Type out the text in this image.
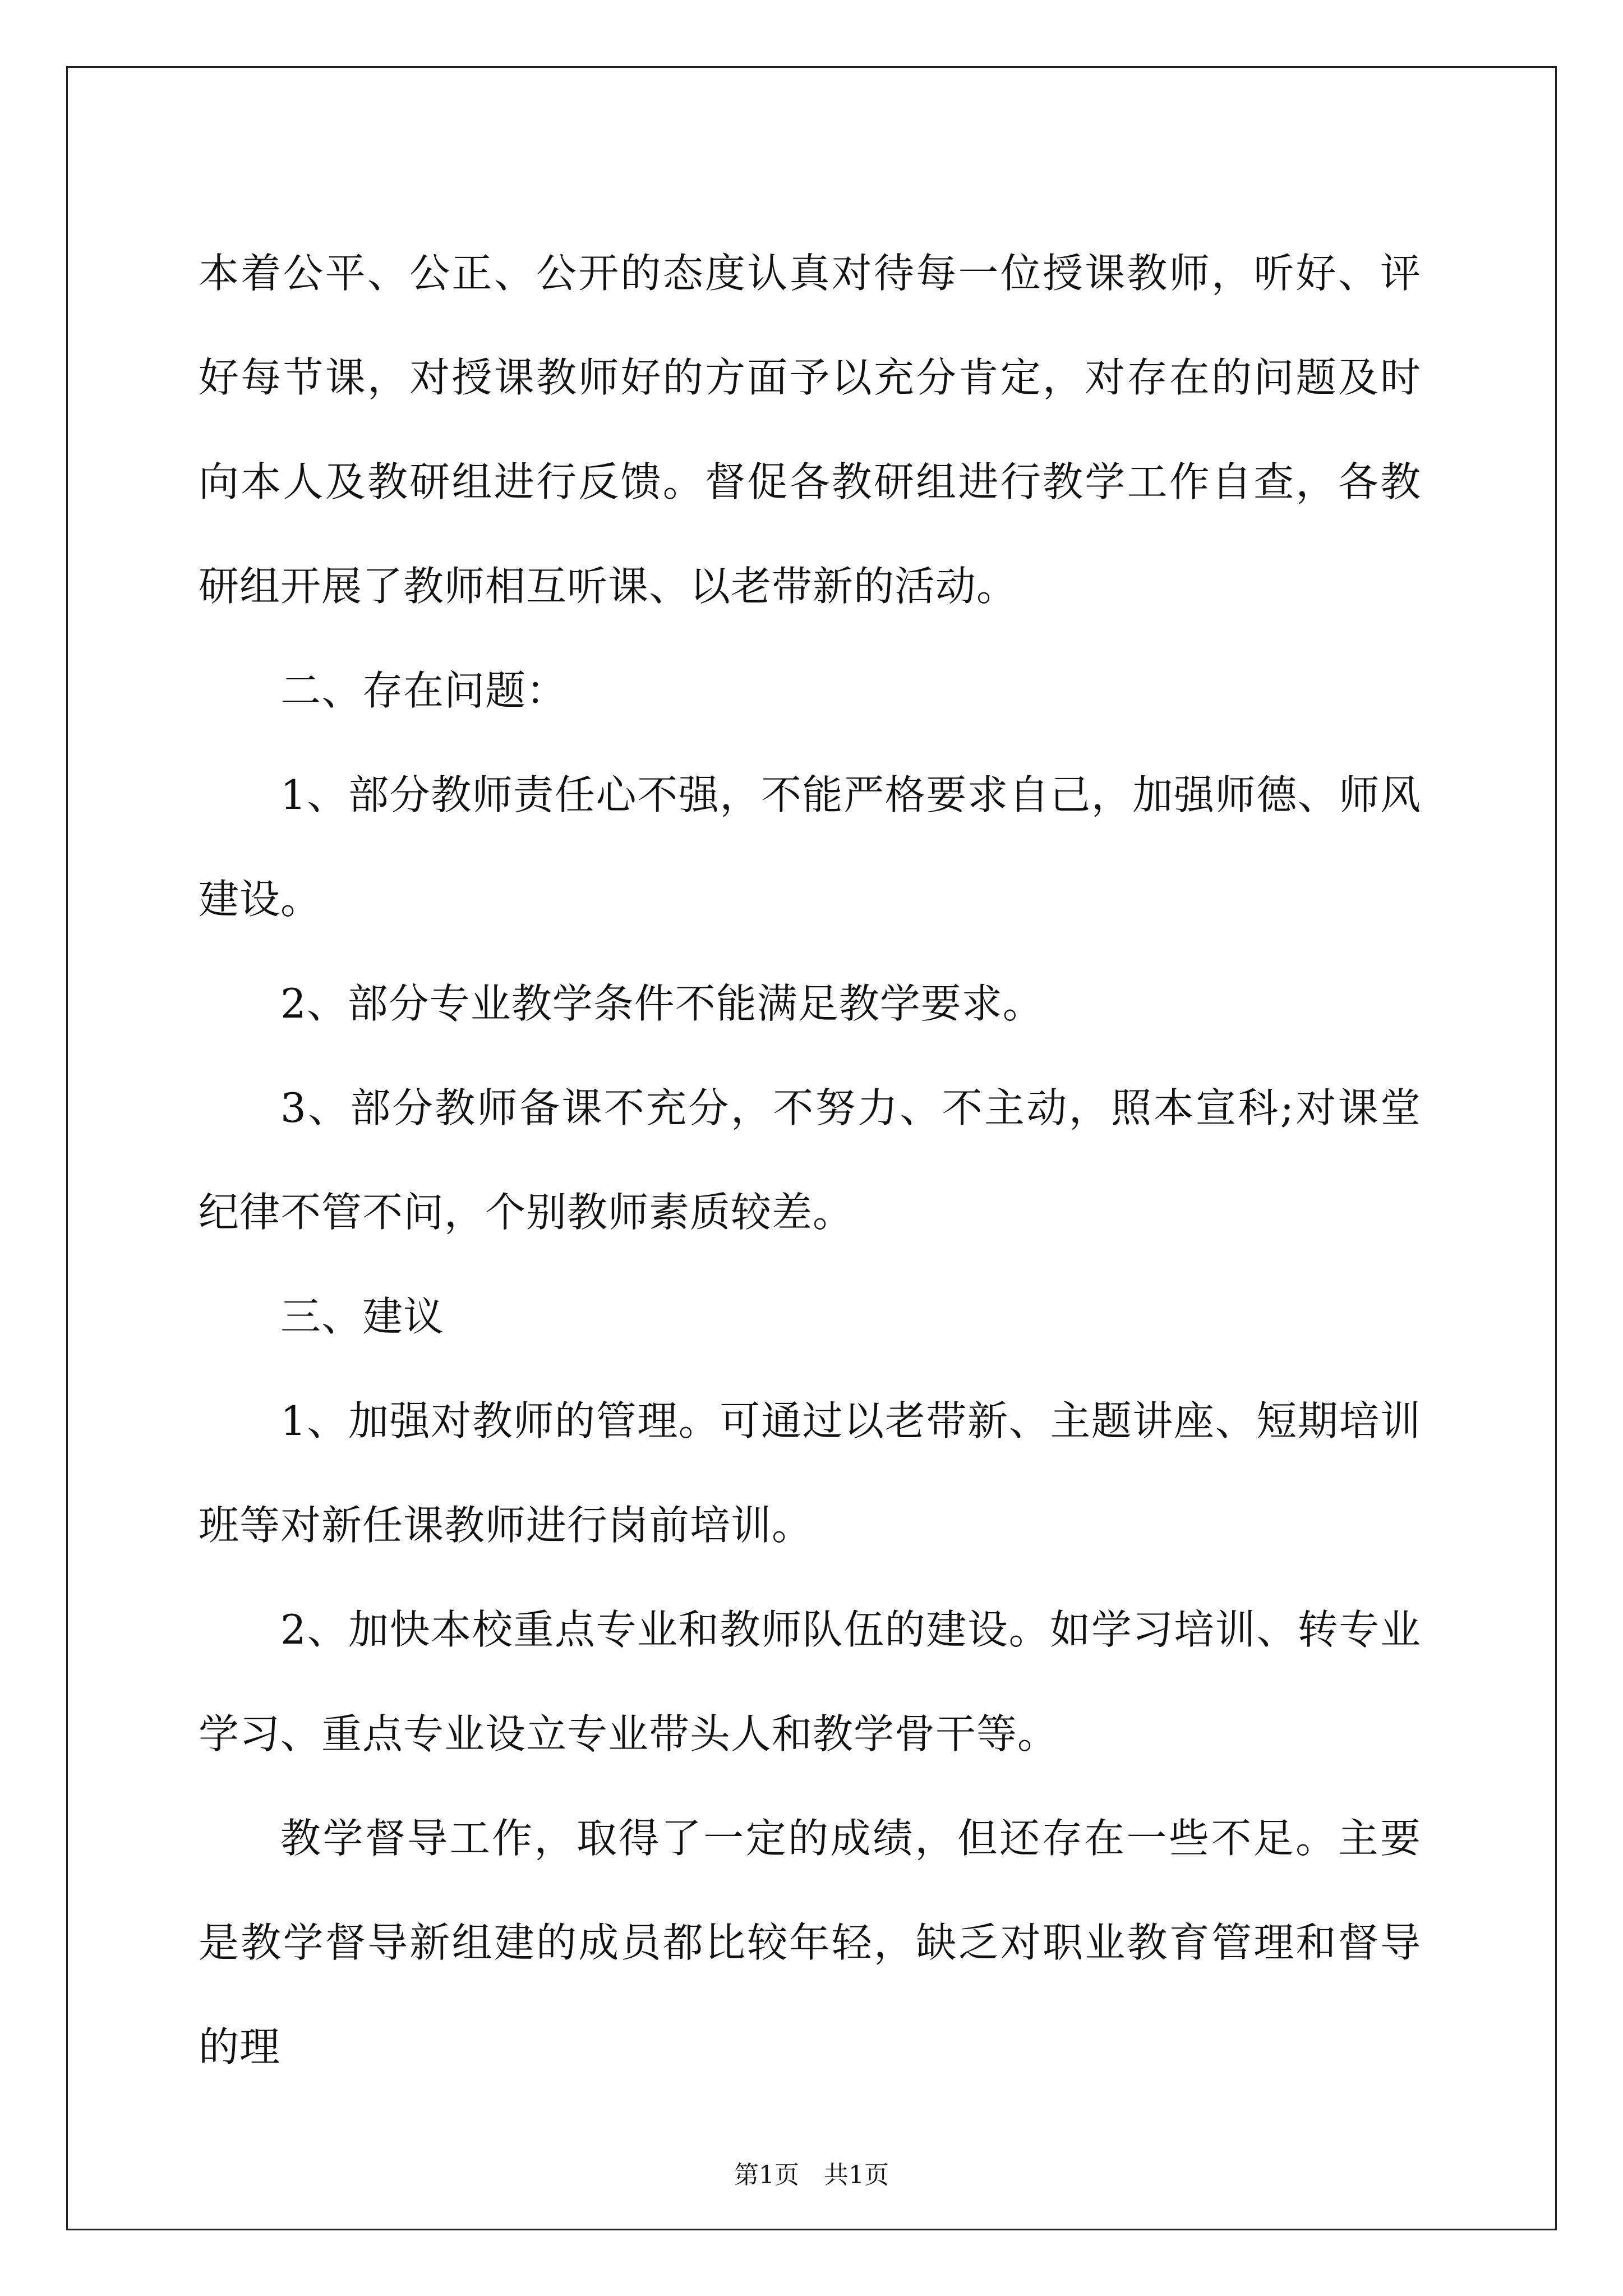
本着公平、公正、公开的态度认真对待每一位授课教师，听好、评好每节课，对授课教师好的方面予以充分肯定，对存在的问题及时向本人及教研组进行反馈。督促各教研组进行教学工作自查，各教研组开展了教师相互听课、以老带新的活动。

二、存在问题：

1、部分教师责任心不强，不能严格要求自己，加强师德、师风建设。

2、部分专业教学条件不能满足教学要求。

3、部分教师备课不充分，不努力、不主动，照本宣科;对课堂纪律不管不问，个别教师素质较差。

三、建议

1、加强对教师的管理。可通过以老带新、主题讲座、短期培训班等对新任课教师进行岗前培训。

2、加快本校重点专业和教师队伍的建设。如学习培训、转专业学习、重点专业设立专业带头人和教学骨干等。

教学督导工作，取得了一定的成绩，但还存在一些不足。主要是教学督导新组建的成员都比较年轻，缺乏对职业教育管理和督导的理

第1页　共1页
